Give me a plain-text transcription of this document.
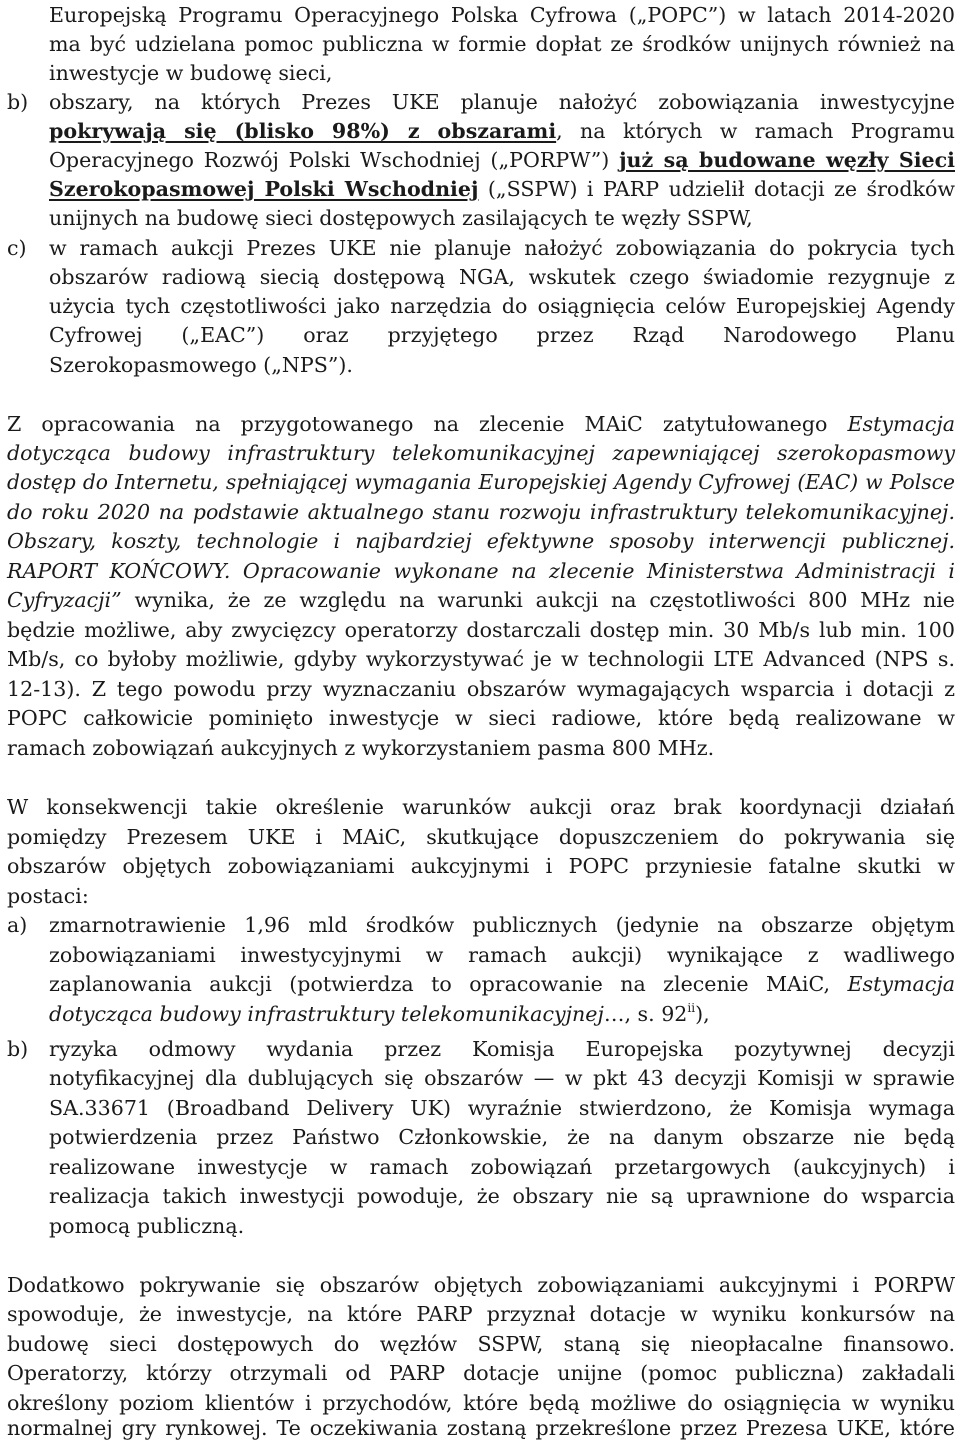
Europejską Programu Operacyjnego Polska Cyfrowa („POPC”) w latach 2014-2020
ma być udzielana pomoc publiczna w formie dopłat ze środków unijnych również na
inwestycje w budowę sieci,
b) obszary, na których Prezes UKE planuje nałożyć zobowiązania inwestycyjne
pokrywają się (blisko 98%) z obszarami, na których w ramach Programu
Operacyjnego Rozwój Polski Wschodniej („PORPW”) już są budowane węzły Sieci
Szerokopasmowej Polski Wschodniej („SSPW) i PARP udzielił dotacji ze środków
unijnych na budowę sieci dostępowych zasilających te węzły SSPW,
c) w ramach aukcji Prezes UKE nie planuje nałożyć zobowiązania do pokrycia tych
obszarów radiową siecią dostępową NGA, wskutek czego świadomie rezygnuje z
użycia tych częstotliwości jako narzędzia do osiągnięcia celów Europejskiej Agendy
Cyfrowej („EAC”) oraz przyjętego przez Rząd Narodowego Planu
Szerokopasmowego („NPS”).
Z opracowania na przygotowanego na zlecenie MAiC zatytułowanego Estymacja
dotycząca budowy infrastruktury telekomunikacyjnej zapewniającej szerokopasmowy
dostęp do Internetu, spełniającej wymagania Europejskiej Agendy Cyfrowej (EAC) w Polsce
do roku 2020 na podstawie aktualnego stanu rozwoju infrastruktury telekomunikacyjnej.
Obszary, koszty, technologie i najbardziej efektywne sposoby interwencji publicznej.
RAPORT KOŃCOWY. Opracowanie wykonane na zlecenie Ministerstwa Administracji i
Cyfryzacji” wynika, że ze względu na warunki aukcji na częstotliwości 800 MHz nie
będzie możliwe, aby zwycięzcy operatorzy dostarczali dostęp min. 30 Mb/s lub min. 100
Mb/s, co byłoby możliwie, gdyby wykorzystywać je w technologii LTE Advanced (NPS s.
12-13). Z tego powodu przy wyznaczaniu obszarów wymagających wsparcia i dotacji z
POPC całkowicie pominięto inwestycje w sieci radiowe, które będą realizowane w
ramach zobowiązań aukcyjnych z wykorzystaniem pasma 800 MHz.
W konsekwencji takie określenie warunków aukcji oraz brak koordynacji działań
pomiędzy Prezesem UKE i MAiC, skutkujące dopuszczeniem do pokrywania się
obszarów objętych zobowiązaniami aukcyjnymi i POPC przyniesie fatalne skutki w
postaci:
a) zmarnotrawienie 1,96 mld środków publicznych (jedynie na obszarze objętym
zobowiązaniami inwestycyjnymi w ramach aukcji) wynikające z wadliwego
zaplanowania aukcji (potwierdza to opracowanie na zlecenie MAiC, Estymacja
dotycząca budowy infrastruktury telekomunikacyjnej…, s. 92$^{ii}$),
b) ryzyka odmowy wydania przez Komisja Europejska pozytywnej decyzji
notyfikacyjnej dla dublujących się obszarów — w pkt 43 decyzji Komisji w sprawie
SA.33671 (Broadband Delivery UK) wyraźnie stwierdzono, że Komisja wymaga
potwierdzenia przez Państwo Członkowskie, że na danym obszarze nie będą
realizowane inwestycje w ramach zobowiązań przetargowych (aukcyjnych) i
realizacja takich inwestycji powoduje, że obszary nie są uprawnione do wsparcia
pomocą publiczną.
Dodatkowo pokrywanie się obszarów objętych zobowiązaniami aukcyjnymi i PORPW
spowoduje, że inwestycje, na które PARP przyznał dotacje w wyniku konkursów na
budowę sieci dostępowych do węzłów SSPW, staną się nieopłacalne finansowo.
Operatorzy, którzy otrzymali od PARP dotacje unijne (pomoc publiczna) zakładali
określony poziom klientów i przychodów, które będą możliwe do osiągnięcia w wyniku
normalnej gry rynkowej. Te oczekiwania zostaną przekreślone przez Prezesa UKE, które
